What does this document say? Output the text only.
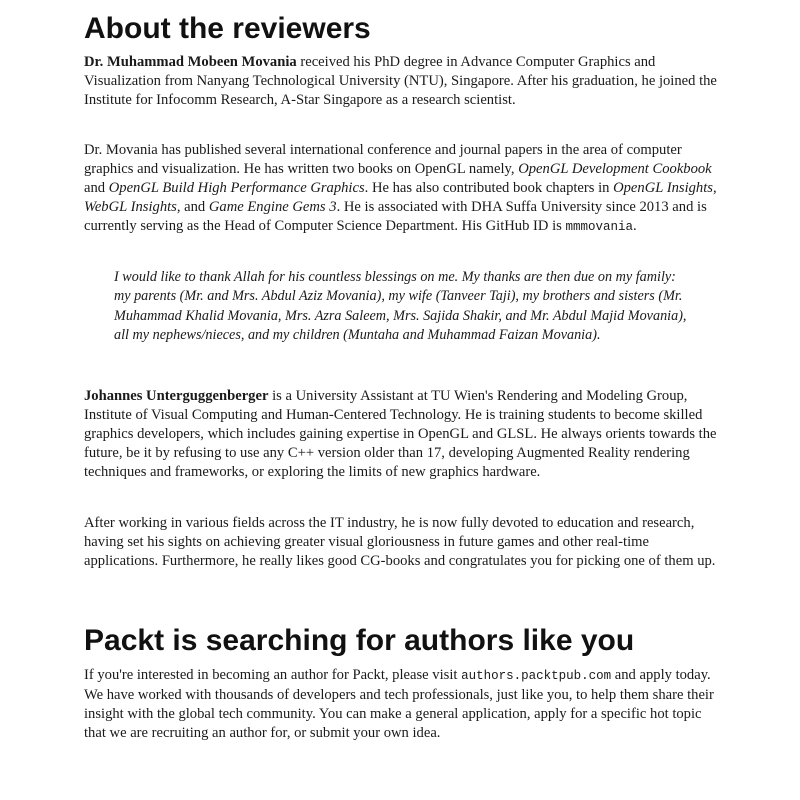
About the reviewers

Dr. Muhammad Mobeen Movania received his PhD degree in Advance Computer Graphics and Visualization from Nanyang Technological University (NTU), Singapore. After his graduation, he joined the Institute for Infocomm Research, A-Star Singapore as a research scientist.

Dr. Movania has published several international conference and journal papers in the area of computer graphics and visualization. He has written two books on OpenGL namely, OpenGL Development Cookbook and OpenGL Build High Performance Graphics. He has also contributed book chapters in OpenGL Insights, WebGL Insights, and Game Engine Gems 3. He is associated with DHA Suffa University since 2013 and is currently serving as the Head of Computer Science Department. His GitHub ID is mmmovania.

I would like to thank Allah for his countless blessings on me. My thanks are then due on my family: my parents (Mr. and Mrs. Abdul Aziz Movania), my wife (Tanveer Taji), my brothers and sisters (Mr. Muhammad Khalid Movania, Mrs. Azra Saleem, Mrs. Sajida Shakir, and Mr. Abdul Majid Movania), all my nephews/nieces, and my children (Muntaha and Muhammad Faizan Movania).

Johannes Unterguggenberger is a University Assistant at TU Wien's Rendering and Modeling Group, Institute of Visual Computing and Human-Centered Technology. He is training students to become skilled graphics developers, which includes gaining expertise in OpenGL and GLSL. He always orients towards the future, be it by refusing to use any C++ version older than 17, developing Augmented Reality rendering techniques and frameworks, or exploring the limits of new graphics hardware.

After working in various fields across the IT industry, he is now fully devoted to education and research, having set his sights on achieving greater visual gloriousness in future games and other real-time applications. Furthermore, he really likes good CG-books and congratulates you for picking one of them up.

Packt is searching for authors like you

If you're interested in becoming an author for Packt, please visit authors.packtpub.com and apply today. We have worked with thousands of developers and tech professionals, just like you, to help them share their insight with the global tech community. You can make a general application, apply for a specific hot topic that we are recruiting an author for, or submit your own idea.
